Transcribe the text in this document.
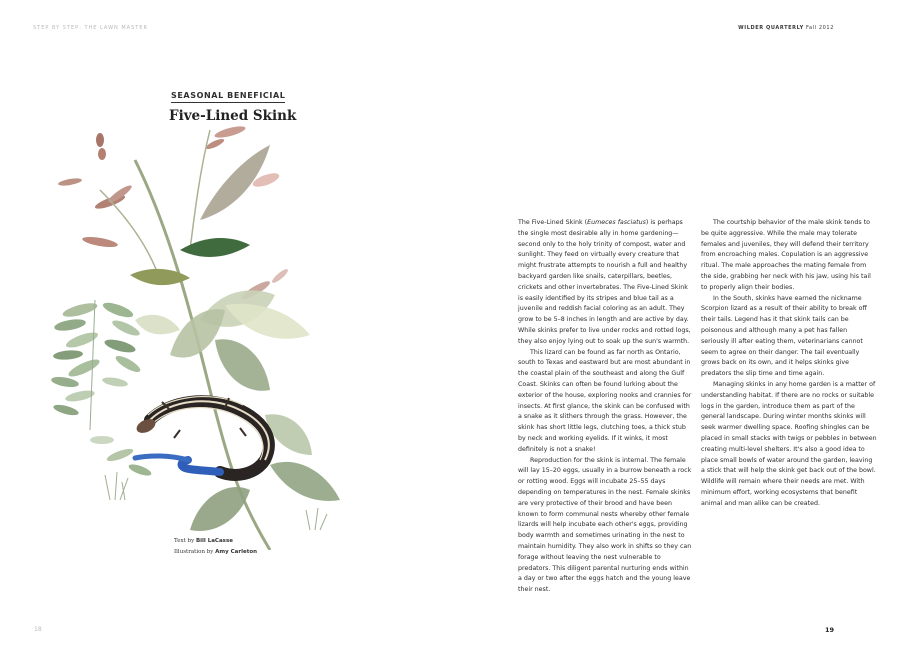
STEP BY STEP: THE LAWN MASTER
SEASONAL BENEFICIAL
Five-Lined Skink
Text by Bill LaCasse
Illustration by Amy Carleton
18
WILDER QUARTERLY Fall 2012
19

The Five-Lined Skink (Eumeces fasciatus) is perhaps the single most desirable ally in home gardening—second only to the holy trinity of compost, water and sunlight. They feed on virtually every creature that might frustrate attempts to nourish a full and healthy backyard garden like snails, caterpillars, beetles, crickets and other invertebrates. The Five-Lined Skink is easily identified by its stripes and blue tail as a juvenile and reddish facial coloring as an adult. They grow to be 5–8 inches in length and are active by day. While skinks prefer to live under rocks and rotted logs, they also enjoy lying out to soak up the sun's warmth.

This lizard can be found as far north as Ontario, south to Texas and eastward but are most abundant in the coastal plain of the southeast and along the Gulf Coast. Skinks can often be found lurking about the exterior of the house, exploring nooks and crannies for insects. At first glance, the skink can be confused with a snake as it slithers through the grass. However, the skink has short little legs, clutching toes, a thick stub by neck and working eyelids. If it winks, it most definitely is not a snake!

Reproduction for the skink is internal. The female will lay 15–20 eggs, usually in a burrow beneath a rock or rotting wood. Eggs will incubate 25–55 days depending on temperatures in the nest. Female skinks are very protective of their brood and have been known to form communal nests whereby other female lizards will help incubate each other's eggs, providing body warmth and sometimes urinating in the nest to maintain humidity. They also work in shifts so they can forage without leaving the nest vulnerable to predators. This diligent parental nurturing ends within a day or two after the eggs hatch and the young leave their nest.

The courtship behavior of the male skink tends to be quite aggressive. While the male may tolerate females and juveniles, they will defend their territory from encroaching males. Copulation is an aggressive ritual. The male approaches the mating female from the side, grabbing her neck with his jaw, using his tail to properly align their bodies.

In the South, skinks have earned the nickname Scorpion lizard as a result of their ability to break off their tails. Legend has it that skink tails can be poisonous and although many a pet has fallen seriously ill after eating them, veterinarians cannot seem to agree on their danger. The tail eventually grows back on its own, and it helps skinks give predators the slip time and time again.

Managing skinks in any home garden is a matter of understanding habitat. If there are no rocks or suitable logs in the garden, introduce them as part of the general landscape. During winter months skinks will seek warmer dwelling space. Roofing shingles can be placed in small stacks with twigs or pebbles in between creating multi-level shelters. It's also a good idea to place small bowls of water around the garden, leaving a stick that will help the skink get back out of the bowl. Wildlife will remain where their needs are met. With minimum effort, working ecosystems that benefit animal and man alike can be created.
